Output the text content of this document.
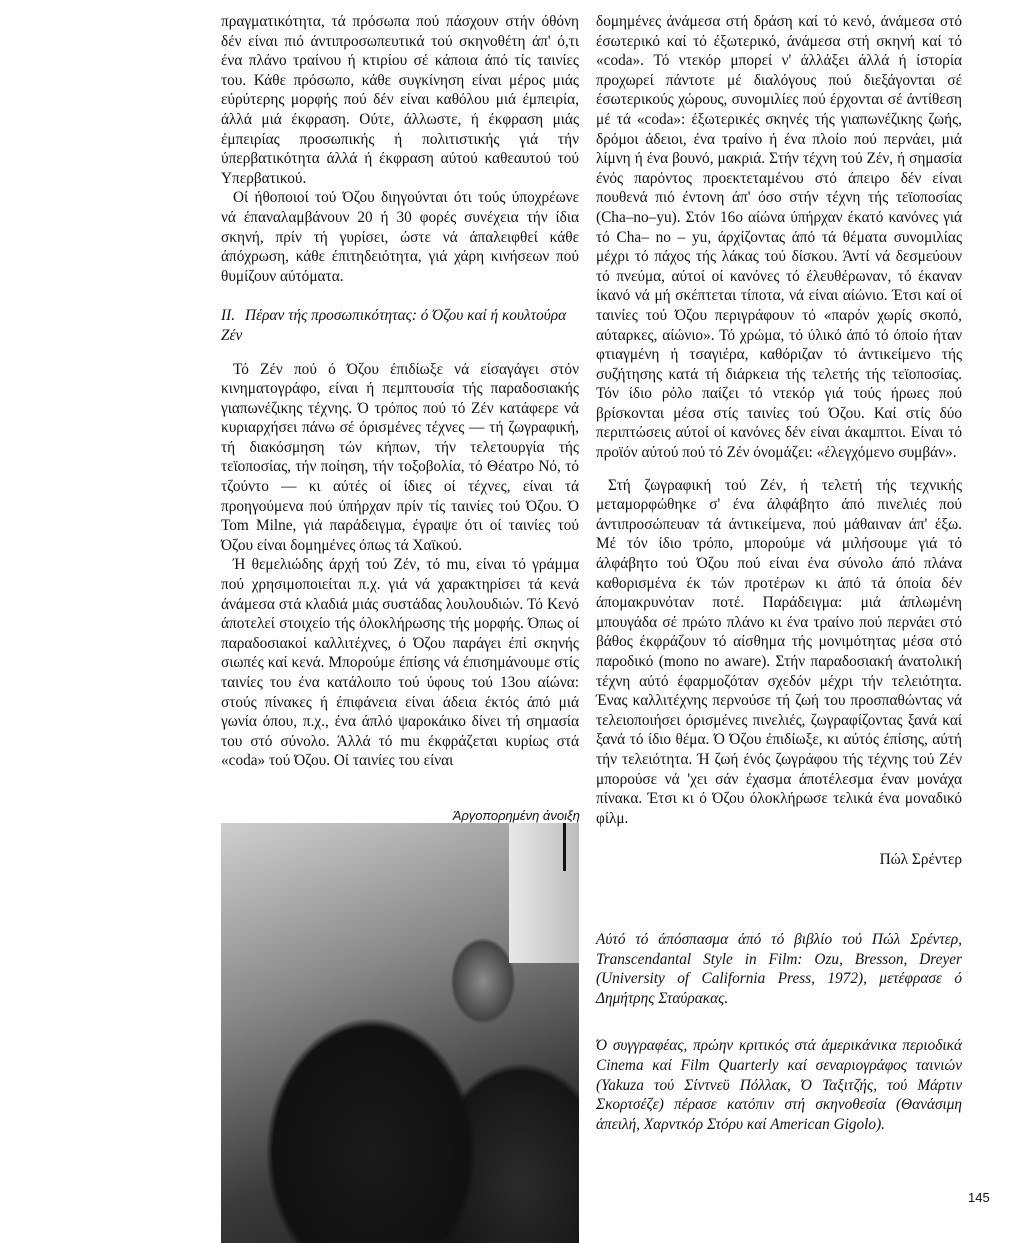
πραγματικότητα, τά πρόσωπα πού πάσχουν στήν όθόνη δέν είναι πιό άντιπροσωπευτικά τού σκηνοθέτη άπ' ό,τι ένα πλάνο τραίνου ή κτιρίου σέ κάποια άπό τίς ταινίες του. Κάθε πρόσωπο, κάθε συγκίνηση είναι μέρος μιάς εύρύτερης μορφής πού δέν είναι καθόλου μιά έμπειρία, άλλά μιά έκφραση. Ούτε, άλλωστε, ή έκφραση μιάς έμπειρίας προσωπικής ή πολιτιστικής γιά τήν ύπερβατικότητα άλλά ή έκφραση αύτού καθεαυτού τού Υπερβατικού.

Οί ήθοποιοί τού Όζου διηγούνται ότι τούς ύποχρέωνε νά έπαναλαμβάνουν 20 ή 30 φορές συνέχεια τήν ίδια σκηνή, πρίν τή γυρίσει, ώστε νά άπαλειφθεί κάθε άπόχρωση, κάθε έπιτηδειότητα, γιά χάρη κινήσεων πού θυμίζουν αύτόματα.

II. Πέραν τής προσωπικότητας: ό Όζου καί ή κουλτούρα Ζέν

Τό Ζέν πού ό Όζου έπιδίωξε νά είσαγάγει στόν κινηματογράφο, είναι ή πεμπτουσία τής παραδοσιακής γιαπωνέζικης τέχνης. Ό τρόπος πού τό Ζέν κατάφερε νά κυριαρχήσει πάνω σέ όρισμένες τέχνες — τή ζωγραφική, τή διακόσμηση τών κήπων, τήν τελετουργία τής τεϊοποσίας, τήν ποίηση, τήν τοξοβολία, τό Θέατρο Νό, τό τζούντο — κι αύτές οί ίδιες οί τέχνες, είναι τά προηγούμενα πού ύπήρχαν πρίν τίς ταινίες τού Όζου. Ό Tom Milne, γιά παράδειγμα, έγραψε ότι οί ταινίες τού Όζου είναι δομημένες όπως τά Χαϊκού.

Ή θεμελιώδης άρχή τού Ζέν, τό mu, είναι τό γράμμα πού χρησιμοποιείται π.χ. γιά νά χαρακτηρίσει τά κενά άνάμεσα στά κλαδιά μιάς συστάδας λουλουδιών. Τό Κενό άποτελεί στοιχείο τής όλοκλήρωσης τής μορφής. Όπως οί παραδοσιακοί καλλιτέχνες, ό Όζου παράγει έπί σκηνής σιωπές καί κενά. Μπορούμε έπίσης νά έπισημάνουμε στίς ταινίες του ένα κατάλοιπο τού ύφους τού 13ου αίώνα: στούς πίνακες ή έπιφάνεια είναι άδεια έκτός άπό μιά γωνία όπου, π.χ., ένα άπλό ψαροκάικο δίνει τή σημασία του στό σύνολο. Άλλά τό mu έκφράζεται κυρίως στά «coda» τού Όζου. Οί ταινίες του είναι

Άργοπορημένη άνοιξη

δομημένες άνάμεσα στή δράση καί τό κενό, άνάμεσα στό έσωτερικό καί τό έξωτερικό, άνάμεσα στή σκηνή καί τό «coda». Τό ντεκόρ μπορεί ν' άλλάξει άλλά ή ίστορία προχωρεί πάντοτε μέ διαλόγους πού διεξάγονται σέ έσωτερικούς χώρους, συνομιλίες πού έρχονται σέ άντίθεση μέ τά «coda»: έξωτερικές σκηνές τής γιαπωνέζικης ζωής, δρόμοι άδειοι, ένα τραίνο ή ένα πλοίο πού περνάει, μιά λίμνη ή ένα βουνό, μακριά. Στήν τέχνη τού Ζέν, ή σημασία ένός παρόντος προεκτεταμένου στό άπειρο δέν είναι πουθενά πιό έντονη άπ' όσο στήν τέχνη τής τεϊοποσίας (Cha–no–yu). Στόν 16ο αίώνα ύπήρχαν έκατό κανόνες γιά τό Cha– no – yu, άρχίζοντας άπό τά θέματα συνομιλίας μέχρι τό πάχος τής λάκας τού δίσκου. Άντί νά δεσμεύουν τό πνεύμα, αύτοί οί κανόνες τό έλευθέρωναν, τό έκαναν ίκανό νά μή σκέπτεται τίποτα, νά είναι αίώνιο. Έτσι καί οί ταινίες τού Όζου περιγράφουν τό «παρόν χωρίς σκοπό, αύταρκες, αίώνιο». Τό χρώμα, τό ύλικό άπό τό όποίο ήταν φτιαγμένη ή τσαγιέρα, καθόριζαν τό άντικείμενο τής συζήτησης κατά τή διάρκεια τής τελετής τής τεϊοποσίας. Τόν ίδιο ρόλο παίζει τό ντεκόρ γιά τούς ήρωες πού βρίσκονται μέσα στίς ταινίες τού Όζου. Καί στίς δύο περιπτώσεις αύτοί οί κανόνες δέν είναι άκαμπτοι. Είναι τό προϊόν αύτού πού τό Ζέν όνομάζει: «έλεγχόμενο συμβάν».

Στή ζωγραφική τού Ζέν, ή τελετή τής τεχνικής μεταμορφώθηκε σ' ένα άλφάβητο άπό πινελιές πού άντιπροσώπευαν τά άντικείμενα, πού μάθαιναν άπ' έξω. Μέ τόν ίδιο τρόπο, μπορούμε νά μιλήσουμε γιά τό άλφάβητο τού Όζου πού είναι ένα σύνολο άπό πλάνα καθορισμένα έκ τών προτέρων κι άπό τά όποία δέν άπομακρυνόταν ποτέ. Παράδειγμα: μιά άπλωμένη μπουγάδα σέ πρώτο πλάνο κι ένα τραίνο πού περνάει στό βάθος έκφράζουν τό αίσθημα τής μονιμότητας μέσα στό παροδικό (mono no aware). Στήν παραδοσιακή άνατολική τέχνη αύτό έφαρμοζόταν σχεδόν μέχρι τήν τελειότητα. Ένας καλλιτέχνης περνούσε τή ζωή του προσπαθώντας νά τελειοποιήσει όρισμένες πινελιές, ζωγραφίζοντας ξανά καί ξανά τό ίδιο θέμα. Ό Όζου έπιδίωξε, κι αύτός έπίσης, αύτή τήν τελειότητα. Ή ζωή ένός ζωγράφου τής τέχνης τού Ζέν μπορούσε νά 'χει σάν έχασμα άποτέλεσμα έναν μονάχα πίνακα. Έτσι κι ό Όζου όλοκλήρωσε τελικά ένα μοναδικό φίλμ.

Πώλ Σρέντερ

Αύτό τό άπόσπασμα άπό τό βιβλίο τού Πώλ Σρέντερ, Transcendantal Style in Film: Ozu, Bresson, Dreyer (University of California Press, 1972), μετέφρασε ό Δημήτρης Σταύρακας.

Ό συγγραφέας, πρώην κριτικός στά άμερικάνικα περιοδικά Cinema καί Film Quarterly καί σεναριογράφος ταινιών (Yakuza τού Σίντνεϋ Πόλλακ, Ό Ταξιτζής, τού Μάρτιν Σκορτσέζε) πέρασε κατόπιν στή σκηνοθεσία (Θανάσιμη άπειλή, Χαρντκόρ Στόρυ καί American Gigolo).

145
